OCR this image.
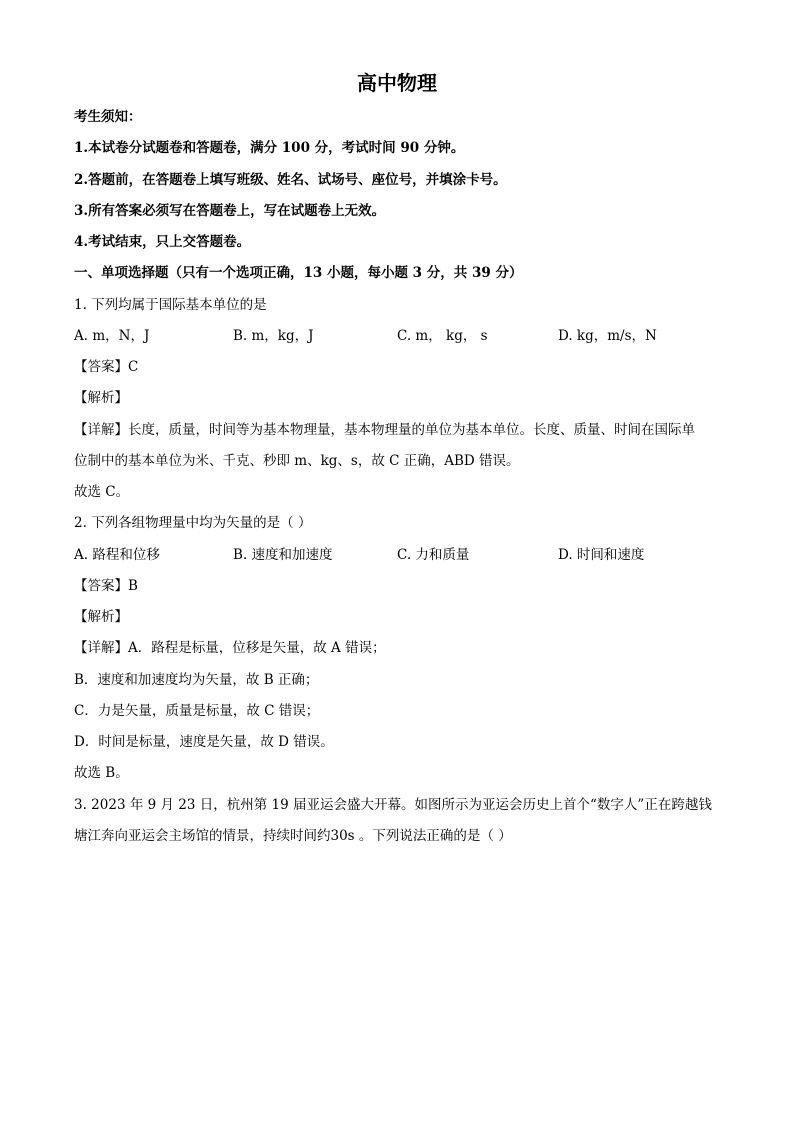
高中物理
考生须知：
1.本试卷分试题卷和答题卷，满分 100 分，考试时间 90 分钟。
2.答题前，在答题卷上填写班级、姓名、试场号、座位号，并填涂卡号。
3.所有答案必须写在答题卷上，写在试题卷上无效。
4.考试结束，只上交答题卷。
一、单项选择题（只有一个选项正确，13 小题，每小题 3 分，共 39 分）
1. 下列均属于国际基本单位的是
A. m，N，J	B. m，kg，J	C. m， kg， s	D. kg，m/s，N
【答案】C
【解析】
【详解】长度，质量，时间等为基本物理量，基本物理量的单位为基本单位。长度、质量、时间在国际单
位制中的基本单位为米、千克、秒即 m、kg、s，故 C 正确，ABD 错误。
故选 C。
2. 下列各组物理量中均为矢量的是（ ）
A. 路程和位移	B. 速度和加速度	C. 力和质量	D. 时间和速度
【答案】B
【解析】
【详解】A．路程是标量，位移是矢量，故 A 错误；
B．速度和加速度均为矢量，故 B 正确；
C．力是矢量，质量是标量，故 C 错误；
D．时间是标量，速度是矢量，故 D 错误。
故选 B。
3. 2023 年 9 月 23 日，杭州第 19 届亚运会盛大开幕。如图所示为亚运会历史上首个“数字人”正在跨越钱
塘江奔向亚运会主场馆的情景，持续时间约30s 。下列说法正确的是（ ）
